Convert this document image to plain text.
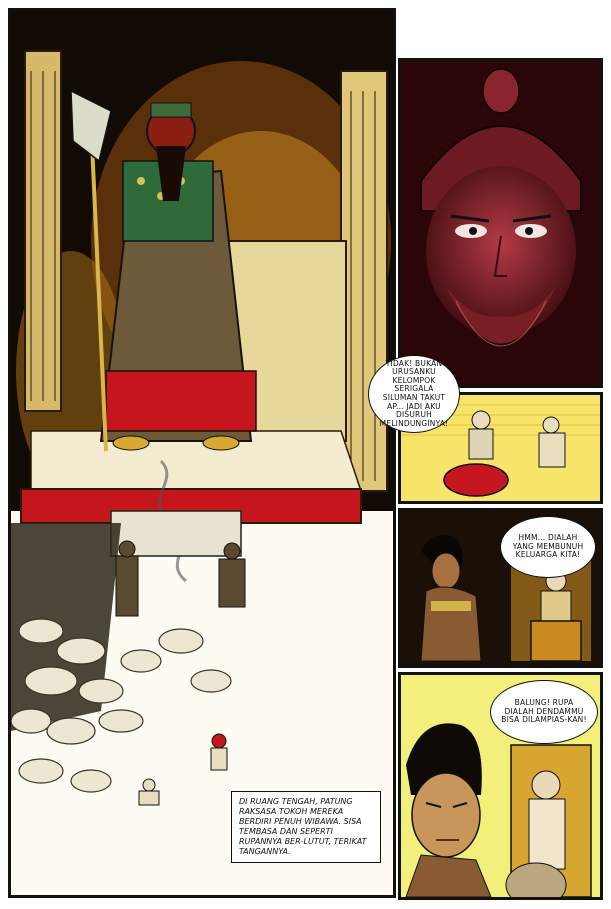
DI RUANG TENGAH, PATUNG RAKSASA TOKOH MEREKA BERDIRI PENUH WIBAWA. SISA TEMBASA DAN SEPERTI RUPANNYA BER-LUTUT, TERIKAT TANGANNYA.
TIDAK! BUKAN URUSANKU KELOMPOK SERIGALA SILUMAN TAKUT AP... JADI AKU DISURUH MELINDUNGINYA!
HMM... DIALAH YANG MEMBUNUH KELUARGA KITA!
BALUNG! RUPA DIALAH DENDAMMU BISA DILAMPIAS-KAN!
